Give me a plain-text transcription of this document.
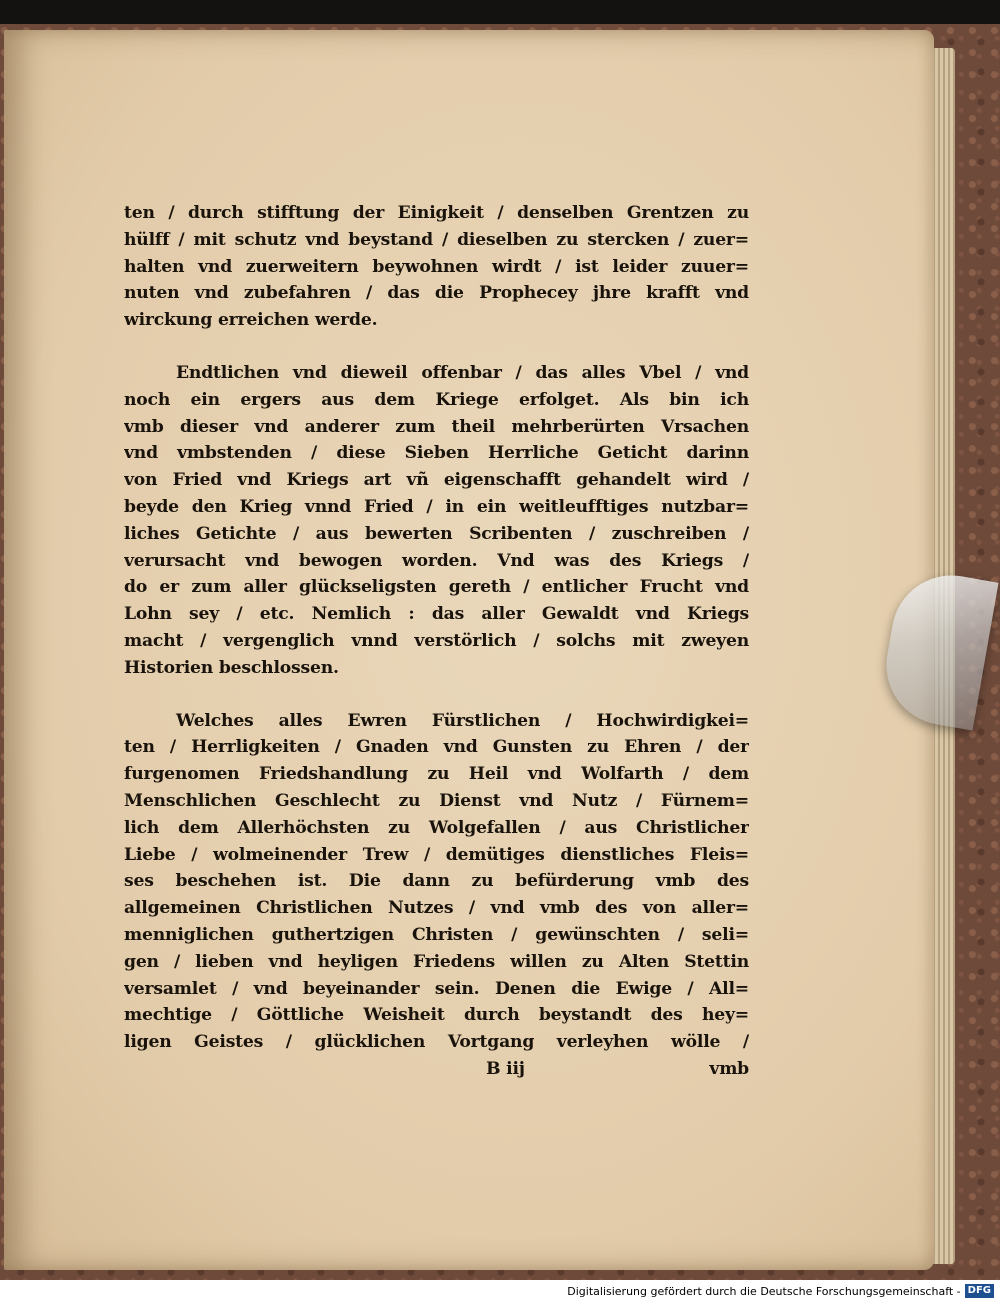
ten / durch stifftung der Einigkeit / denselben Grentzen zu
hülff / mit schutz vnd beystand / dieselben zu stercken / zuer=
halten vnd zuerweitern beywohnen wirdt / ist leider zuuer=
nuten vnd zubefahren / das die Prophecey jhre krafft vnd
wirckung erreichen werde.
Endtlichen vnd dieweil offenbar / das alles Vbel / vnd
noch ein ergers aus dem Kriege erfolget. Als bin ich
vmb dieser vnd anderer zum theil mehrberürten Vrsachen
vnd vmbstenden / diese Sieben Herrliche Geticht darinn
von Fried vnd Kriegs art vñ eigenschafft gehandelt wird /
beyde den Krieg vnnd Fried / in ein weitleufftiges nutzbar=
liches Getichte / aus bewerten Scribenten / zuschreiben /
verursacht vnd bewogen worden. Vnd was des Kriegs /
do er zum aller glückseligsten gereth / entlicher Frucht vnd
Lohn sey / etc. Nemlich : das aller Gewaldt vnd Kriegs
macht / vergenglich vnnd verstörlich / solchs mit zweyen
Historien beschlossen.
Welches alles Ewren Fürstlichen / Hochwirdigkei=
ten / Herrligkeiten / Gnaden vnd Gunsten zu Ehren / der
furgenomen Friedshandlung zu Heil vnd Wolfarth / dem
Menschlichen Geschlecht zu Dienst vnd Nutz / Fürnem=
lich dem Allerhöchsten zu Wolgefallen / aus Christlicher
Liebe / wolmeinender Trew / demütiges dienstliches Fleis=
ses beschehen ist. Die dann zu befürderung vmb des
allgemeinen Christlichen Nutzes / vnd vmb des von aller=
menniglichen guthertzigen Christen / gewünschten / seli=
gen / lieben vnd heyligen Friedens willen zu Alten Stettin
versamlet / vnd beyeinander sein. Denen die Ewige / All=
mechtige / Göttliche Weisheit durch beystandt des hey=
ligen Geistes / glücklichen Vortgang verleyhen wölle /
B iij	vmb
Digitalisierung gefördert durch die Deutsche Forschungsgemeinschaft - DFG
